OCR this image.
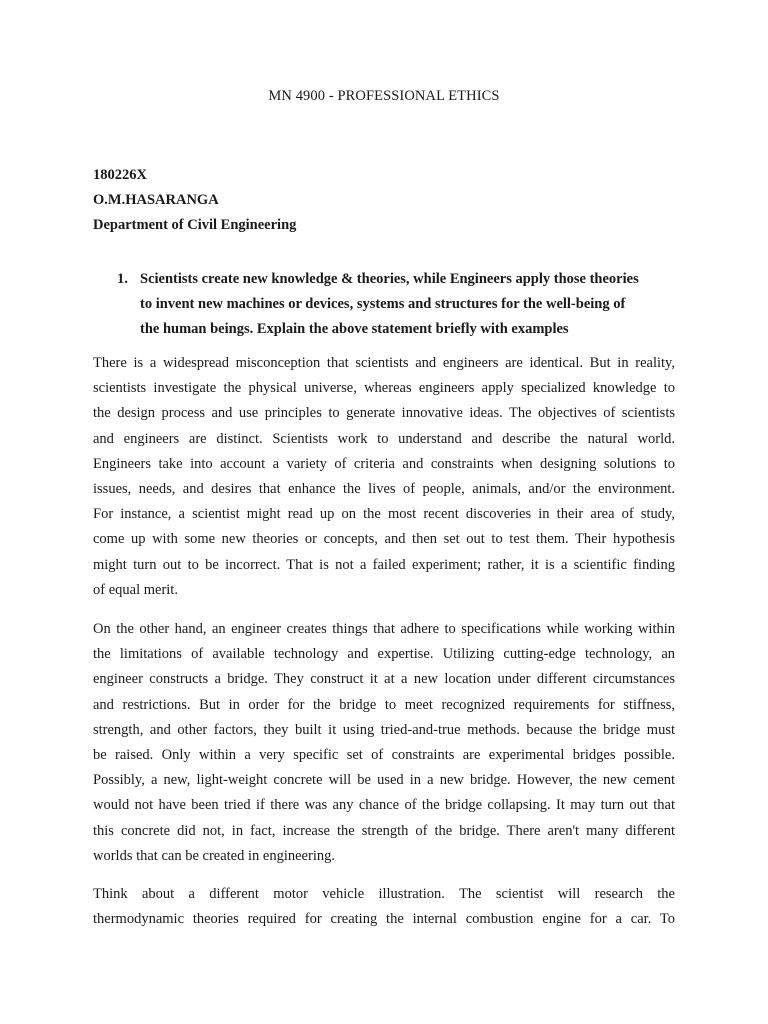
MN 4900 - PROFESSIONAL ETHICS
180226X
O.M.HASARANGA
Department of Civil Engineering
1. Scientists create new knowledge & theories, while Engineers apply those theories
to invent new machines or devices, systems and structures for the well-being of
the human beings. Explain the above statement briefly with examples
There is a widespread misconception that scientists and engineers are identical. But in reality,
scientists investigate the physical universe, whereas engineers apply specialized knowledge to
the design process and use principles to generate innovative ideas. The objectives of scientists
and engineers are distinct. Scientists work to understand and describe the natural world.
Engineers take into account a variety of criteria and constraints when designing solutions to
issues, needs, and desires that enhance the lives of people, animals, and/or the environment.
For instance, a scientist might read up on the most recent discoveries in their area of study,
come up with some new theories or concepts, and then set out to test them. Their hypothesis
might turn out to be incorrect. That is not a failed experiment; rather, it is a scientific finding
of equal merit.
On the other hand, an engineer creates things that adhere to specifications while working within
the limitations of available technology and expertise. Utilizing cutting-edge technology, an
engineer constructs a bridge. They construct it at a new location under different circumstances
and restrictions. But in order for the bridge to meet recognized requirements for stiffness,
strength, and other factors, they built it using tried-and-true methods. because the bridge must
be raised. Only within a very specific set of constraints are experimental bridges possible.
Possibly, a new, light-weight concrete will be used in a new bridge. However, the new cement
would not have been tried if there was any chance of the bridge collapsing. It may turn out that
this concrete did not, in fact, increase the strength of the bridge. There aren't many different
worlds that can be created in engineering.
Think about a different motor vehicle illustration. The scientist will research the
thermodynamic theories required for creating the internal combustion engine for a car. To
